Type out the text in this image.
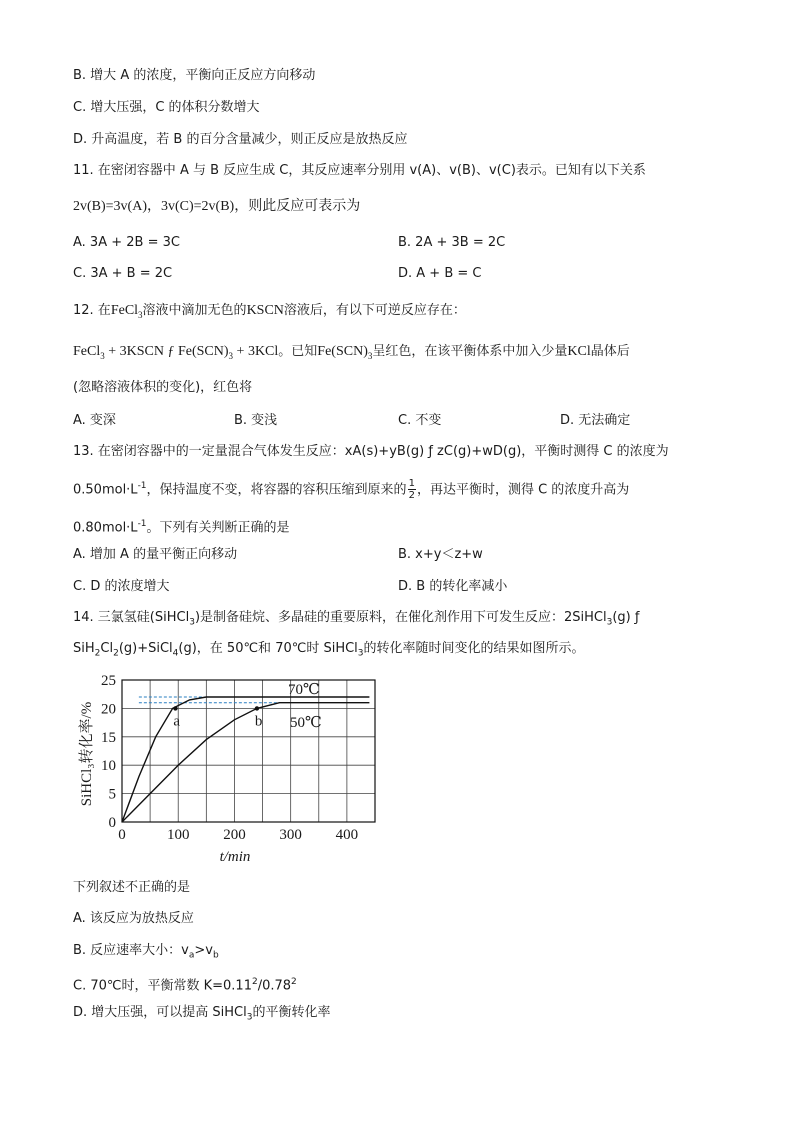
B. 增大 A 的浓度，平衡向正反应方向移动
C. 增大压强，C 的体积分数增大
D. 升高温度，若 B 的百分含量减少，则正反应是放热反应
11. 在密闭容器中 A 与 B 反应生成 C，其反应速率分别用 v(A)、v(B)、v(C)表示。已知有以下关系
2v(B)=3v(A)，3v(C)=2v(B)，则此反应可表示为
A. 3A + 2B = 3C	B. 2A + 3B = 2C
C. 3A + B = 2C	D. A + B = C
12. 在FeCl$_3$溶液中滴加无色的KSCN溶液后，有以下可逆反应存在：
FeCl$_3$ + 3KSCN ƒ $Fe(SCN)_3 + 3KCl$。已知$Fe(SCN)_3$呈红色，在该平衡体系中加入少量KCl晶体后
(忽略溶液体积的变化)，红色将
A. 变深	B. 变浅	C. 不变	D. 无法确定
13. 在密闭容器中的一定量混合气体发生反应：xA(s)+yB(g) ƒ zC(g)+wD(g)，平衡时测得 C 的浓度为
$0.50mol\cdot L^{-1}$，保持温度不变，将容器的容积压缩到原来的 $\frac{1}{2}$ ，再达平衡时，测得 C 的浓度升高为
$0.80mol\cdot L^{-1}$。下列有关判断正确的是
A. 增加 A 的量平衡正向移动	B. x+y＜z+w
C. D 的浓度增大	D. B 的转化率减小
14. 三氯氢硅(SiHCl$_3$)是制备硅烷、多晶硅的重要原料，在催化剂作用下可发生反应：2SiHCl$_3$(g) ƒ
$SiH_2Cl_2(g)+SiCl_4(g)$，在 50℃和 70℃时 SiHCl$_3$的转化率随时间变化的结果如图所示。
a	b
0	100 200 300 400
0
5
10
15
20
25
70℃
50℃
t/min
SiHCl₃转化率/%
下列叙述不正确的是
A. 该反应为放热反应
B. 反应速率大小：$v_a>v_b$
C. 70℃时，平衡常数 $K=0.11^2/0.78^2$
D. 增大压强，可以提高 SiHCl$_3$的平衡转化率
